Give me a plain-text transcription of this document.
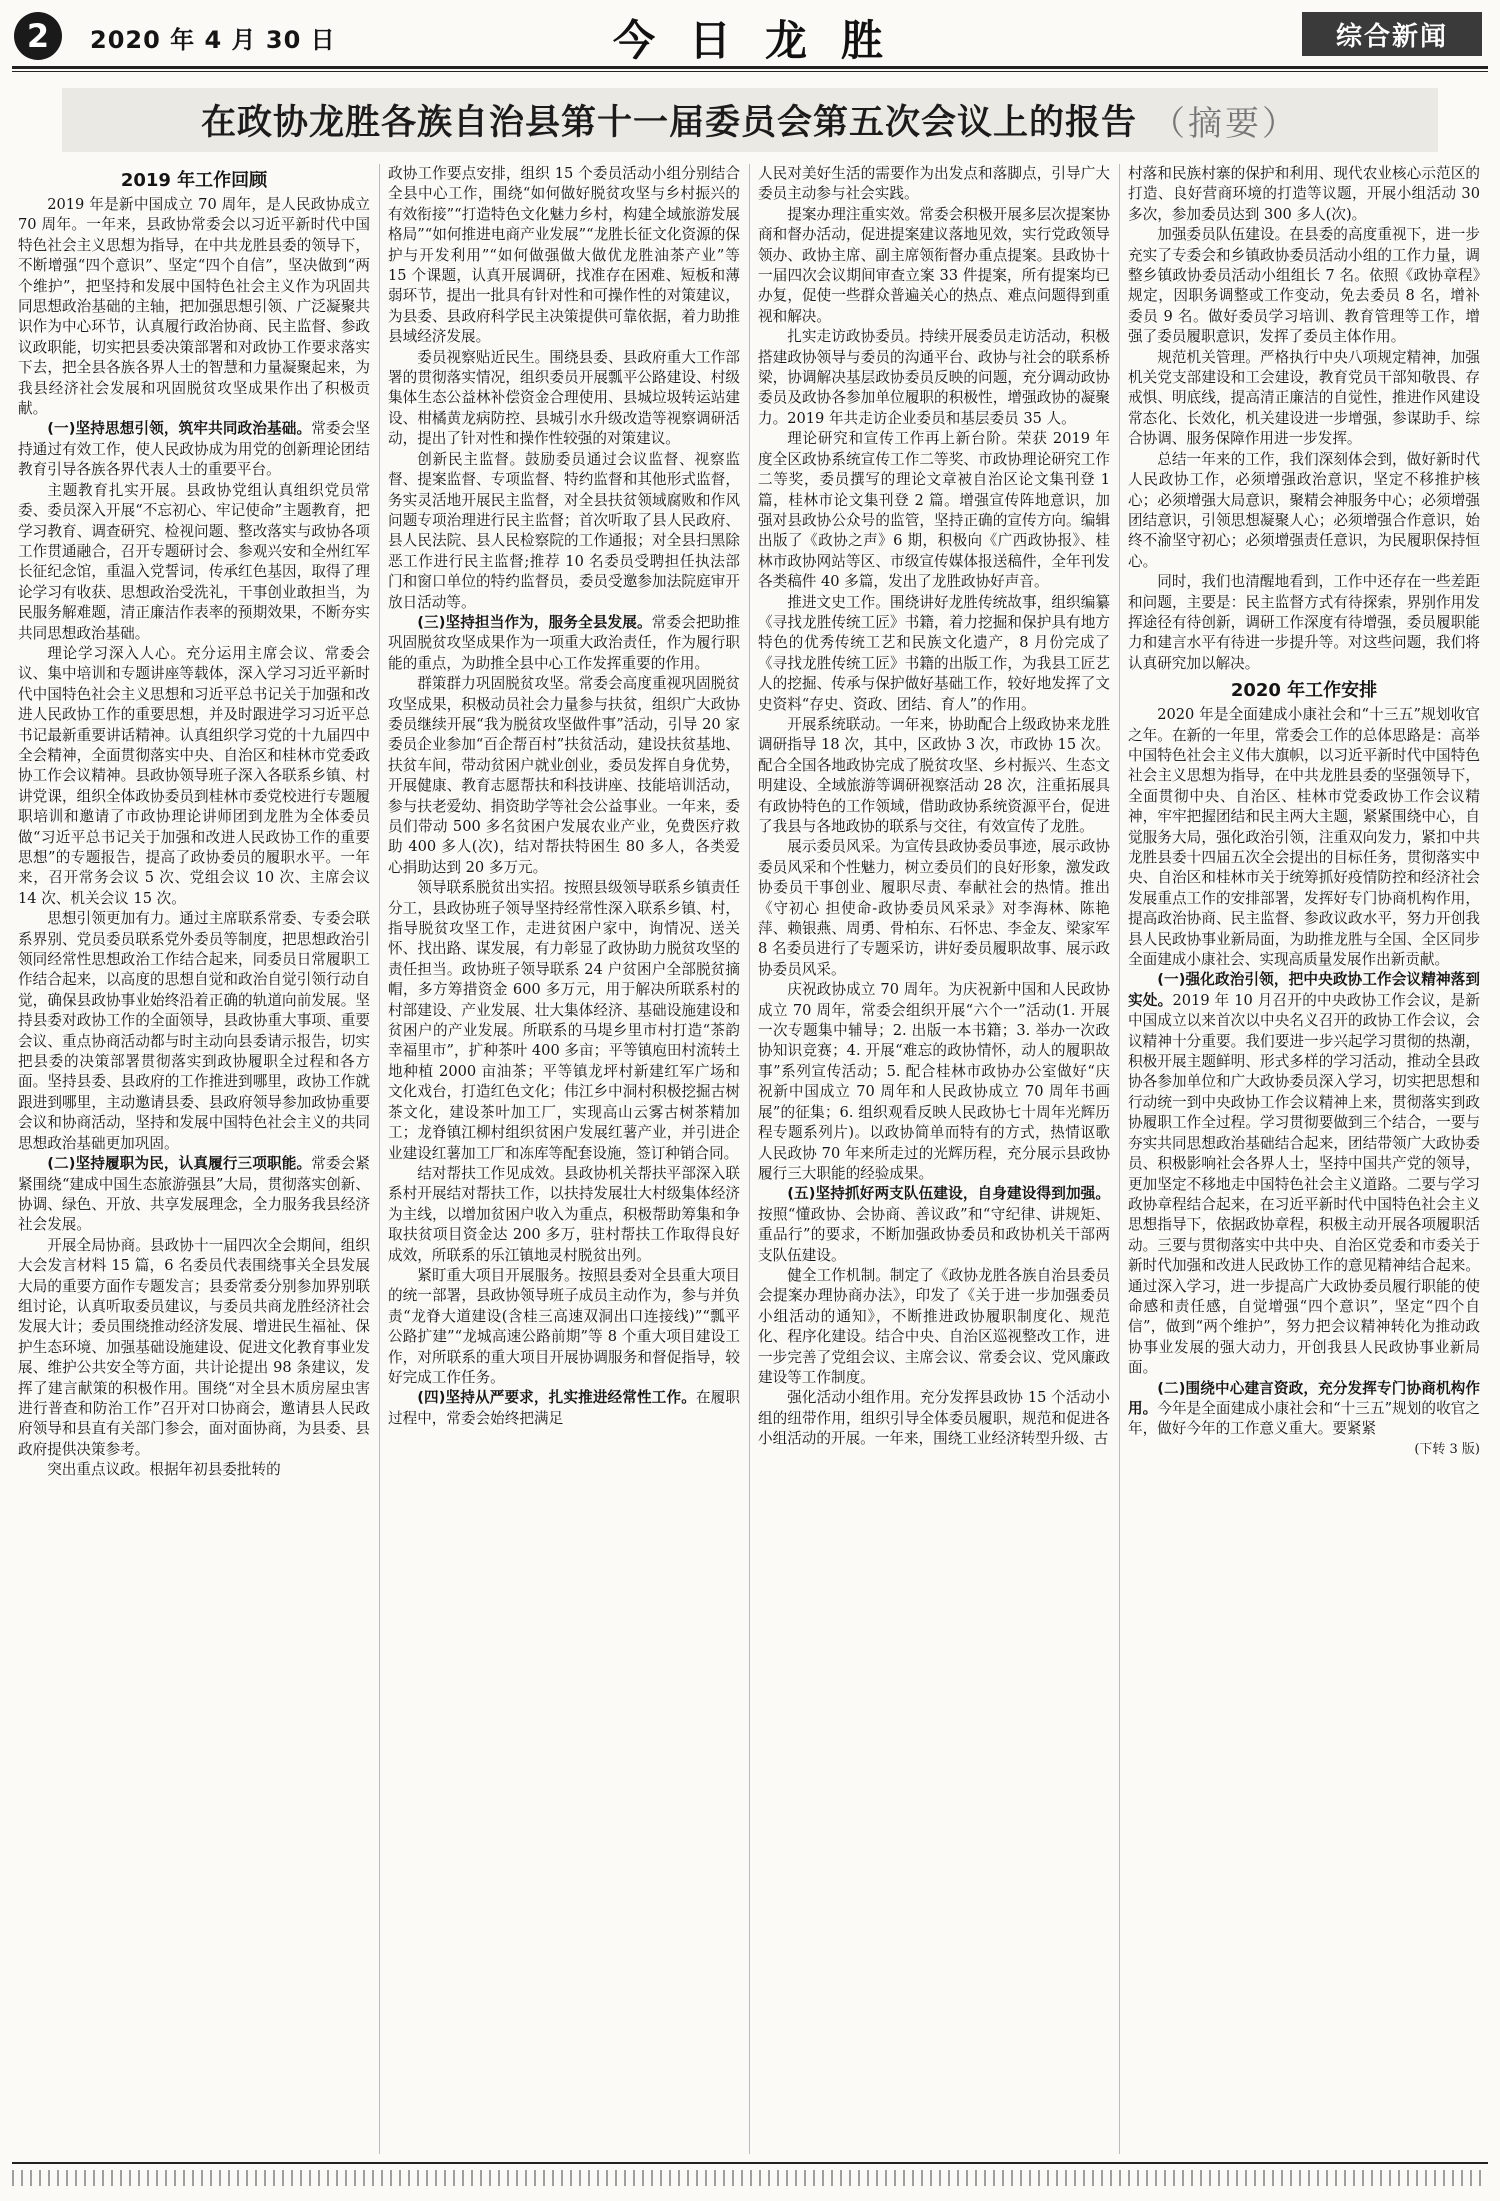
2	2020 年 4 月 30 日	今日龙胜	综合新闻
在政协龙胜各族自治县第十一届委员会第五次会议上的报告 （摘要）
2019 年工作回顾

2019 年是新中国成立 70 周年，是人民政协成立 70 周年。一年来，县政协常委会以习近平新时代中国特色社会主义思想为指导，在中共龙胜县委的领导下，不断增强“四个意识”、坚定“四个自信”，坚决做到“两个维护”，把坚持和发展中国特色社会主义作为巩固共同思想政治基础的主轴，把加强思想引领、广泛凝聚共识作为中心环节，认真履行政治协商、民主监督、参政议政职能，切实把县委决策部署和对政协工作要求落实下去，把全县各族各界人士的智慧和力量凝聚起来，为我县经济社会发展和巩固脱贫攻坚成果作出了积极贡献。

(一)坚持思想引领，筑牢共同政治基础。常委会坚持通过有效工作，使人民政协成为用党的创新理论团结教育引导各族各界代表人士的重要平台。

主题教育扎实开展。县政协党组认真组织党员常委、委员深入开展“不忘初心、牢记使命”主题教育，把学习教育、调查研究、检视问题、整改落实与政协各项工作贯通融合，召开专题研讨会、参观兴安和全州红军长征纪念馆，重温入党誓词，传承红色基因，取得了理论学习有收获、思想政治受洗礼，干事创业敢担当，为民服务解难题，清正廉洁作表率的预期效果，不断夯实共同思想政治基础。

理论学习深入人心。充分运用主席会议、常委会议、集中培训和专题讲座等载体，深入学习习近平新时代中国特色社会主义思想和习近平总书记关于加强和改进人民政协工作的重要思想，并及时跟进学习习近平总书记最新重要讲话精神。认真组织学习党的十九届四中全会精神，全面贯彻落实中央、自治区和桂林市党委政协工作会议精神。县政协领导班子深入各联系乡镇、村讲党课，组织全体政协委员到桂林市委党校进行专题履职培训和邀请了市政协理论讲师团到龙胜为全体委员做“习近平总书记关于加强和改进人民政协工作的重要思想”的专题报告，提高了政协委员的履职水平。一年来，召开常务会议 5 次、党组会议 10 次、主席会议 14 次、机关会议 15 次。

思想引领更加有力。通过主席联系常委、专委会联系界别、党员委员联系党外委员等制度，把思想政治引领同经常性思想政治工作结合起来，同委员日常履职工作结合起来，以高度的思想自觉和政治自觉引领行动自觉，确保县政协事业始终沿着正确的轨道向前发展。坚持县委对政协工作的全面领导，县政协重大事项、重要会议、重点协商活动都与时主动向县委请示报告，切实把县委的决策部署贯彻落实到政协履职全过程和各方面。坚持县委、县政府的工作推进到哪里，政协工作就跟进到哪里，主动邀请县委、县政府领导参加政协重要会议和协商活动，坚持和发展中国特色社会主义的共同思想政治基础更加巩固。

(二)坚持履职为民，认真履行三项职能。常委会紧紧围绕“建成中国生态旅游强县”大局，贯彻落实创新、协调、绿色、开放、共享发展理念，全力服务我县经济社会发展。

开展全局协商。县政协十一届四次全会期间，组织大会发言材料 15 篇，6 名委员代表围绕事关全县发展大局的重要方面作专题发言；县委常委分别参加界别联组讨论，认真听取委员建议，与委员共商龙胜经济社会发展大计；委员围绕推动经济发展、增进民生福祉、保护生态环境、加强基础设施建设、促进文化教育事业发展、维护公共安全等方面，共计论提出 98 条建议，发挥了建言献策的积极作用。围绕“对全县木质房屋虫害进行普查和防治工作”召开对口协商会，邀请县人民政府领导和县直有关部门参会，面对面协商，为县委、县政府提供决策参考。

突出重点议政。根据年初县委批转的

政协工作要点安排，组织 15 个委员活动小组分别结合全县中心工作，围绕“如何做好脱贫攻坚与乡村振兴的有效衔接”“打造特色文化魅力乡村，构建全域旅游发展格局”“如何推进电商产业发展”“龙胜长征文化资源的保护与开发利用”“如何做强做大做优龙胜油茶产业”等 15 个课题，认真开展调研，找准存在困难、短板和薄弱环节，提出一批具有针对性和可操作性的对策建议，为县委、县政府科学民主决策提供可靠依据，着力助推县域经济发展。

委员视察贴近民生。围绕县委、县政府重大工作部署的贯彻落实情况，组织委员开展瓢平公路建设、村级集体生态公益林补偿资金合理使用、县城垃圾转运站建设、柑橘黄龙病防控、县城引水升级改造等视察调研活动，提出了针对性和操作性较强的对策建议。

创新民主监督。鼓励委员通过会议监督、视察监督、提案监督、专项监督、特约监督和其他形式监督，务实灵活地开展民主监督，对全县扶贫领域腐败和作风问题专项治理进行民主监督；首次听取了县人民政府、县人民法院、县人民检察院的工作通报；对全县扫黑除恶工作进行民主监督;推荐 10 名委员受聘担任执法部门和窗口单位的特约监督员，委员受邀参加法院庭审开放日活动等。

(三)坚持担当作为，服务全县发展。常委会把助推巩固脱贫攻坚成果作为一项重大政治责任，作为履行职能的重点，为助推全县中心工作发挥重要的作用。

群策群力巩固脱贫攻坚。常委会高度重视巩固脱贫攻坚成果，积极动员社会力量参与扶贫，组织广大政协委员继续开展“我为脱贫攻坚做件事”活动，引导 20 家委员企业参加“百企帮百村”扶贫活动，建设扶贫基地、扶贫车间，带动贫困户就业创业，委员发挥自身优势，开展健康、教育志愿帮扶和科技讲座、技能培训活动，参与扶老爱幼、捐资助学等社会公益事业。一年来，委员们带动 500 多名贫困户发展农业产业，免费医疗救助 400 多人(次)，结对帮扶特困生 80 多人，各类爱心捐助达到 20 多万元。

领导联系脱贫出实招。按照县级领导联系乡镇责任分工，县政协班子领导坚持经常性深入联系乡镇、村，指导脱贫攻坚工作，走进贫困户家中，询情况、送关怀、找出路、谋发展，有力彰显了政协助力脱贫攻坚的责任担当。政协班子领导联系 24 户贫困户全部脱贫摘帽，多方筹措资金 600 多万元，用于解决所联系村的村部建设、产业发展、壮大集体经济、基础设施建设和贫困户的产业发展。所联系的马堤乡里市村打造“茶韵幸福里市”，扩种茶叶 400 多亩；平等镇庖田村流转土地种植 2000 亩油茶；平等镇龙坪村新建红军广场和文化戏台，打造红色文化；伟江乡中洞村积极挖掘古树茶文化，建设茶叶加工厂，实现高山云雾古树茶精加工；龙脊镇江柳村组织贫困户发展红薯产业，并引进企业建设红薯加工厂和冻库等配套设施，签订种销合同。

结对帮扶工作见成效。县政协机关帮扶平部深入联系村开展结对帮扶工作，以扶持发展壮大村级集体经济为主线，以增加贫困户收入为重点，积极帮助筹集和争取扶贫项目资金达 200 多万，驻村帮扶工作取得良好成效，所联系的乐江镇地灵村脱贫出列。

紧盯重大项目开展服务。按照县委对全县重大项目的统一部署，县政协领导班子成员主动作为，参与并负责“龙脊大道建设(含桂三高速双洞出口连接线)”“瓢平公路扩建”“龙城高速公路前期”等 8 个重大项目建设工作，对所联系的重大项目开展协调服务和督促指导，较好完成工作任务。

(四)坚持从严要求，扎实推进经常性工作。在履职过程中，常委会始终把满足

人民对美好生活的需要作为出发点和落脚点，引导广大委员主动参与社会实践。

提案办理注重实效。常委会积极开展多层次提案协商和督办活动，促进提案建议落地见效，实行党政领导领办、政协主席、副主席领衔督办重点提案。县政协十一届四次会议期间审查立案 33 件提案，所有提案均已办复，促使一些群众普遍关心的热点、难点问题得到重视和解决。

扎实走访政协委员。持续开展委员走访活动，积极搭建政协领导与委员的沟通平台、政协与社会的联系桥梁，协调解决基层政协委员反映的问题，充分调动政协委员及政协各参加单位履职的积极性，增强政协的凝聚力。2019 年共走访企业委员和基层委员 35 人。

理论研究和宣传工作再上新台阶。荣获 2019 年度全区政协系统宣传工作二等奖、市政协理论研究工作二等奖，委员撰写的理论文章被自治区论文集刊登 1 篇，桂林市论文集刊登 2 篇。增强宣传阵地意识，加强对县政协公众号的监管，坚持正确的宣传方向。编辑出版了《政协之声》6 期，积极向《广西政协报》、桂林市政协网站等区、市级宣传媒体报送稿件，全年刊发各类稿件 40 多篇，发出了龙胜政协好声音。

推进文史工作。围绕讲好龙胜传统故事，组织编纂《寻找龙胜传统工匠》书籍，着力挖掘和保护具有地方特色的优秀传统工艺和民族文化遗产，8 月份完成了《寻找龙胜传统工匠》书籍的出版工作，为我县工匠艺人的挖掘、传承与保护做好基础工作，较好地发挥了文史资料“存史、资政、团结、育人”的作用。

开展系统联动。一年来，协助配合上级政协来龙胜调研指导 18 次，其中，区政协 3 次，市政协 15 次。配合全国各地政协完成了脱贫攻坚、乡村振兴、生态文明建设、全域旅游等调研视察活动 28 次，注重拓展具有政协特色的工作领域，借助政协系统资源平台，促进了我县与各地政协的联系与交往，有效宣传了龙胜。

展示委员风采。为宣传县政协委员事迹，展示政协委员风采和个性魅力，树立委员们的良好形象，激发政协委员干事创业、履职尽责、奉献社会的热情。推出《守初心 担使命-政协委员风采录》对李海林、陈艳萍、赖银燕、周勇、骨柏东、石怀忠、李金友、梁家军 8 名委员进行了专题采访，讲好委员履职故事、展示政协委员风采。

庆祝政协成立 70 周年。为庆祝新中国和人民政协成立 70 周年，常委会组织开展“六个一”活动(1. 开展一次专题集中辅导；2. 出版一本书籍；3. 举办一次政协知识竞赛；4. 开展“难忘的政协情怀，动人的履职故事”系列宣传活动；5. 配合桂林市政协办公室做好“庆祝新中国成立 70 周年和人民政协成立 70 周年书画展”的征集；6. 组织观看反映人民政协七十周年光辉历程专题系列片)。以政协简单而特有的方式，热情讴歌人民政协 70 年来所走过的光辉历程，充分展示县政协履行三大职能的经验成果。

(五)坚持抓好两支队伍建设，自身建设得到加强。按照“懂政协、会协商、善议政”和“守纪律、讲规矩、重品行”的要求，不断加强政协委员和政协机关干部两支队伍建设。

健全工作机制。制定了《政协龙胜各族自治县委员会提案办理协商办法》，印发了《关于进一步加强委员小组活动的通知》，不断推进政协履职制度化、规范化、程序化建设。结合中央、自治区巡视整改工作，进一步完善了党组会议、主席会议、常委会议、党风廉政建设等工作制度。

强化活动小组作用。充分发挥县政协 15 个活动小组的纽带作用，组织引导全体委员履职，规范和促进各小组活动的开展。一年来，围绕工业经济转型升级、古

村落和民族村寨的保护和利用、现代农业核心示范区的打造、良好营商环境的打造等议题，开展小组活动 30 多次，参加委员达到 300 多人(次)。

加强委员队伍建设。在县委的高度重视下，进一步充实了专委会和乡镇政协委员活动小组的工作力量，调整乡镇政协委员活动小组组长 7 名。依照《政协章程》规定，因职务调整或工作变动，免去委员 8 名，增补委员 9 名。做好委员学习培训、教育管理等工作，增强了委员履职意识，发挥了委员主体作用。

规范机关管理。严格执行中央八项规定精神，加强机关党支部建设和工会建设，教育党员干部知敬畏、存戒惧、明底线，提高清正廉洁的自觉性，推进作风建设常态化、长效化，机关建设进一步增强，参谋助手、综合协调、服务保障作用进一步发挥。

总结一年来的工作，我们深刻体会到，做好新时代人民政协工作，必须增强政治意识，坚定不移推护核心；必须增强大局意识，聚精会神服务中心；必须增强团结意识，引领思想凝聚人心；必须增强合作意识，始终不渝坚守初心；必须增强责任意识，为民履职保持恒心。

同时，我们也清醒地看到，工作中还存在一些差距和问题，主要是：民主监督方式有待探索，界别作用发挥途径有待创新，调研工作深度有待增强，委员履职能力和建言水平有待进一步提升等。对这些问题，我们将认真研究加以解决。

2020 年工作安排

2020 年是全面建成小康社会和“十三五”规划收官之年。在新的一年里，常委会工作的总体思路是：高举中国特色社会主义伟大旗帜，以习近平新时代中国特色社会主义思想为指导，在中共龙胜县委的坚强领导下，全面贯彻中央、自治区、桂林市党委政协工作会议精神，牢牢把握团结和民主两大主题，紧紧围绕中心，自觉服务大局，强化政治引领，注重双向发力，紧扣中共龙胜县委十四届五次全会提出的目标任务，贯彻落实中央、自治区和桂林市关于统筹抓好疫情防控和经济社会发展重点工作的安排部署，发挥好专门协商机构作用，提高政治协商、民主监督、参政议政水平，努力开创我县人民政协事业新局面，为助推龙胜与全国、全区同步全面建成小康社会、实现高质量发展作出新贡献。

(一)强化政治引领，把中央政协工作会议精神落到实处。2019 年 10 月召开的中央政协工作会议，是新中国成立以来首次以中央名义召开的政协工作会议，会议精神十分重要。我们要进一步兴起学习贯彻的热潮，积极开展主题鲜明、形式多样的学习活动，推动全县政协各参加单位和广大政协委员深入学习，切实把思想和行动统一到中央政协工作会议精神上来，贯彻落实到政协履职工作全过程。学习贯彻要做到三个结合，一要与夯实共同思想政治基础结合起来，团结带领广大政协委员、积极影响社会各界人士，坚持中国共产党的领导，更加坚定不移地走中国特色社会主义道路。二要与学习政协章程结合起来，在习近平新时代中国特色社会主义思想指导下，依据政协章程，积极主动开展各项履职活动。三要与贯彻落实中共中央、自治区党委和市委关于新时代加强和改进人民政协工作的意见精神结合起来。通过深入学习，进一步提高广大政协委员履行职能的使命感和责任感，自觉增强“四个意识”，坚定“四个自信”，做到“两个维护”，努力把会议精神转化为推动政协事业发展的强大动力，开创我县人民政协事业新局面。

(二)围绕中心建言资政，充分发挥专门协商机构作用。今年是全面建成小康社会和“十三五”规划的收官之年，做好今年的工作意义重大。要紧紧

(下转 3 版)
